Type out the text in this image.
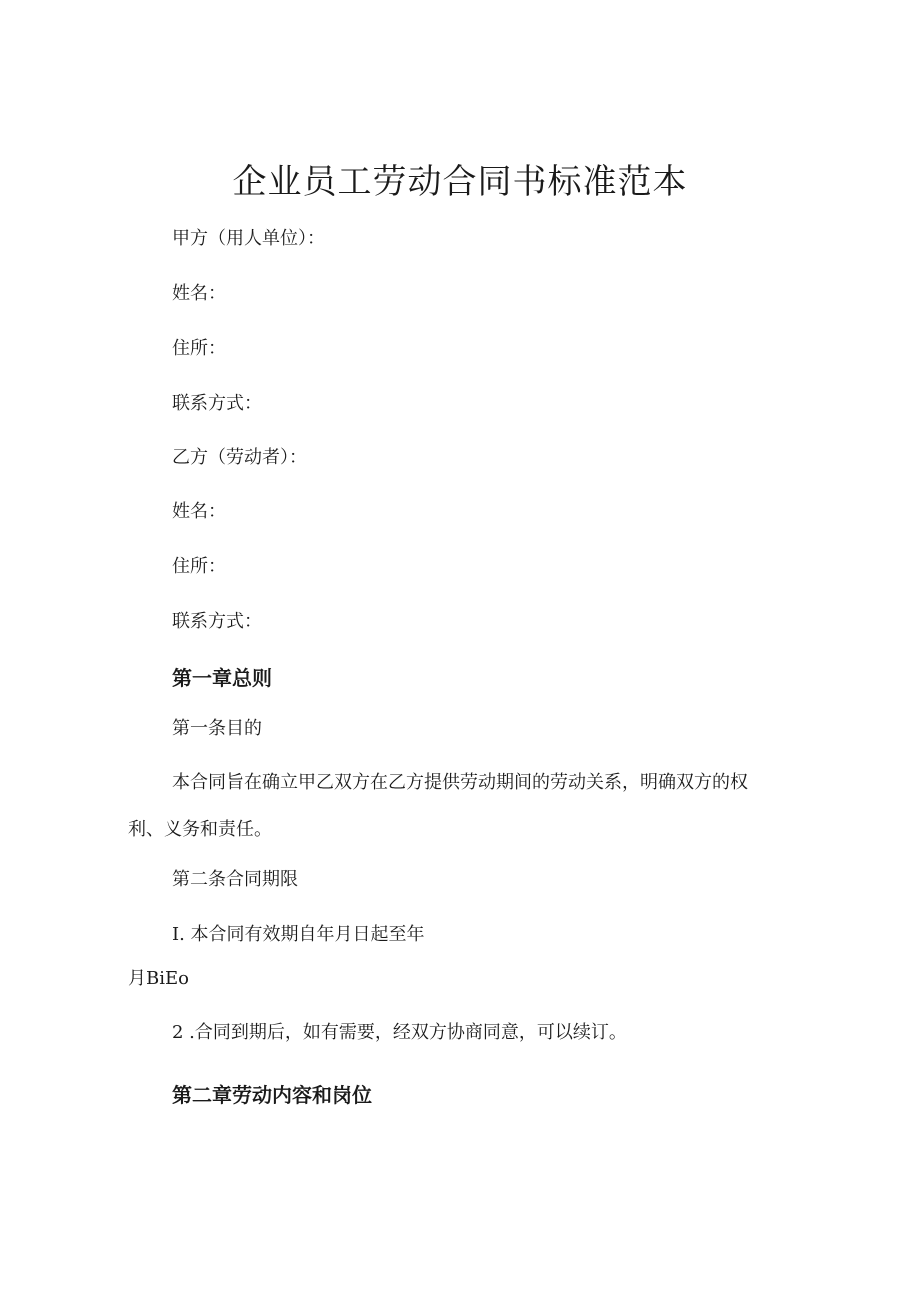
企业员工劳动合同书标准范本
甲方（用人单位）：
姓名：
住所：
联系方式：
乙方（劳动者）：
姓名：
住所：
联系方式：
第一章总则
第一条目的
本合同旨在确立甲乙双方在乙方提供劳动期间的劳动关系，明确双方的权利、义务和责任。
第二条合同期限
I. 本合同有效期自年月日起至年
月BiEo
2 .合同到期后，如有需要，经双方协商同意，可以续订。
第二章劳动内容和岗位
